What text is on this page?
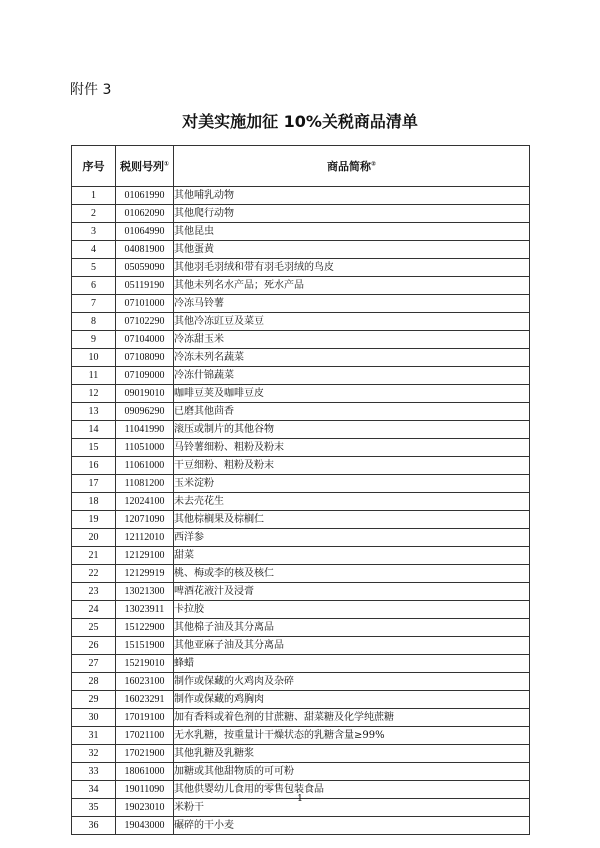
附件 3
对美实施加征 10%关税商品清单
序号	税则号列①	商品简称②
1	01061990	其他哺乳动物
2	01062090	其他爬行动物
3	01064990	其他昆虫
4	04081900	其他蛋黄
5	05059090	其他羽毛羽绒和带有羽毛羽绒的鸟皮
6	05119190	其他未列名水产品；死水产品
7	07101000	冷冻马铃薯
8	07102290	其他冷冻豇豆及菜豆
9	07104000	冷冻甜玉米
10	07108090	冷冻未列名蔬菜
11	07109000	冷冻什锦蔬菜
12	09019010	咖啡豆荚及咖啡豆皮
13	09096290	已磨其他茴香
14	11041990	滚压或制片的其他谷物
15	11051000	马铃薯细粉、粗粉及粉末
16	11061000	干豆细粉、粗粉及粉末
17	11081200	玉米淀粉
18	12024100	未去壳花生
19	12071090	其他棕榈果及棕榈仁
20	12112010	西洋参
21	12129100	甜菜
22	12129919	桃、梅或李的核及核仁
23	13021300	啤酒花液汁及浸膏
24	13023911	卡拉胶
25	15122900	其他棉子油及其分离品
26	15151900	其他亚麻子油及其分离品
27	15219010	蜂蜡
28	16023100	制作或保藏的火鸡肉及杂碎
29	16023291	制作或保藏的鸡胸肉
30	17019100	加有香料或着色剂的甘蔗糖、甜菜糖及化学纯蔗糖
31	17021100	无水乳糖，按重量计干燥状态的乳糖含量≥99%
32	17021900	其他乳糖及乳糖浆
33	18061000	加糖或其他甜物质的可可粉
34	19011090	其他供婴幼儿食用的零售包装食品
35	19023010	米粉干
36	19043000	碾碎的干小麦
1
